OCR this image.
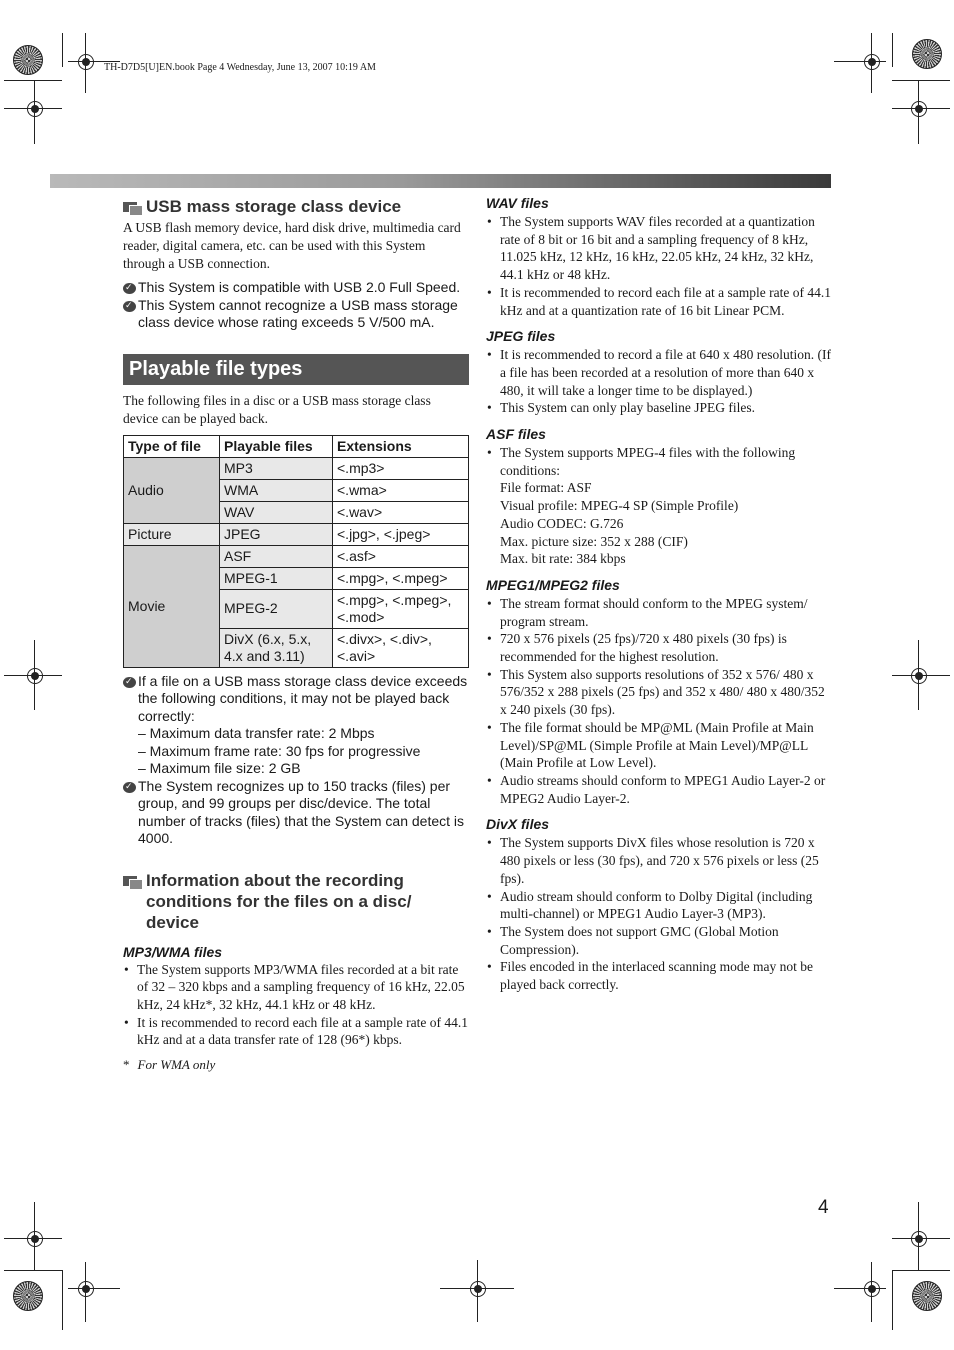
TH-D7D5[U]EN.book Page 4 Wednesday, June 13, 2007 10:19 AM
USB mass storage class device

A USB flash memory device, hard disk drive, multimedia card reader, digital camera, etc. can be used with this System through a USB connection.

✓
This System is compatible with USB 2.0 Full Speed.

✓
This System cannot recognize a USB mass storage class device whose rating exceeds 5 V/500 mA.

Playable file types

The following files in a disc or a USB mass storage class device can be played back.

Type of file	Playable files	Extensions
Audio	MP3	<.mp3>
	WMA	<.wma>
	WAV	<.wav>
Picture	JPEG	<.jpg>, <.jpeg>
Movie	ASF	<.asf>
	MPEG-1	<.mpg>, <.mpeg>
	MPEG-2	<.mpg>, <.mpeg>, <.mod>
	DivX (6.x, 5.x, 4.x and 3.11)	<.divx>, <.div>, <.avi>

✓
If a file on a USB mass storage class device exceeds the following conditions, it may not be played back correctly:
– Maximum data transfer rate: 2 Mbps
– Maximum frame rate: 30 fps for progressive
– Maximum file size: 2 GB

✓
The System recognizes up to 150 tracks (files) per group, and 99 groups per disc/device. The total number of tracks (files) that the System can detect is 4000.

Information about the recording conditions for the files on a disc/ device

MP3/WMA files

• The System supports MP3/WMA files recorded at a bit rate of 32 – 320 kbps and a sampling frequency of 16 kHz, 22.05 kHz, 24 kHz*, 32 kHz, 44.1 kHz or 48 kHz.
• It is recommended to record each file at a sample rate of 44.1 kHz and at a data transfer rate of 128 (96*) kbps.
* For WMA only

WAV files

• The System supports WAV files recorded at a quantization rate of 8 bit or 16 bit and a sampling frequency of 8 kHz, 11.025 kHz, 12 kHz, 16 kHz, 22.05 kHz, 24 kHz, 32 kHz, 44.1 kHz or 48 kHz.
• It is recommended to record each file at a sample rate of 44.1 kHz and at a quantization rate of 16 bit Linear PCM.

JPEG files

• It is recommended to record a file at 640 x 480 resolution. (If a file has been recorded at a resolution of more than 640 x 480, it will take a longer time to be displayed.)
• This System can only play baseline JPEG files.

ASF files

• The System supports MPEG-4 files with the following conditions:
File format: ASF
Visual profile: MPEG-4 SP (Simple Profile)
Audio CODEC: G.726
Max. picture size: 352 x 288 (CIF)
Max. bit rate: 384 kbps

MPEG1/MPEG2 files

• The stream format should conform to the MPEG system/ program stream.
• 720 x 576 pixels (25 fps)/720 x 480 pixels (30 fps) is recommended for the highest resolution.
• This System also supports resolutions of 352 x 576/ 480 x 576/352 x 288 pixels (25 fps) and 352 x 480/ 480 x 480/352 x 240 pixels (30 fps).
• The file format should be MP@ML (Main Profile at Main Level)/SP@ML (Simple Profile at Main Level)/MP@LL (Main Profile at Low Level).
• Audio streams should conform to MPEG1 Audio Layer-2 or MPEG2 Audio Layer-2.

DivX files

• The System supports DivX files whose resolution is 720 x 480 pixels or less (30 fps), and 720 x 576 pixels or less (25 fps).
• Audio stream should conform to Dolby Digital (including multi-channel) or MPEG1 Audio Layer-3 (MP3).
• The System does not support GMC (Global Motion Compression).
• Files encoded in the interlaced scanning mode may not be played back correctly.
4
